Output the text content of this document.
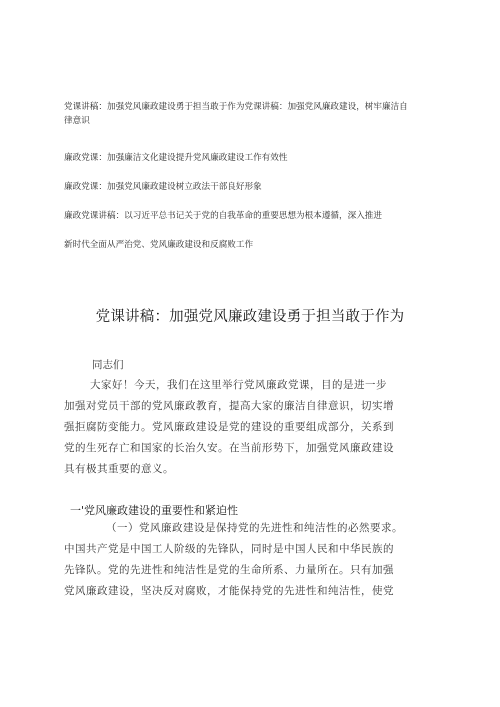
党课讲稿：加强党风廉政建设勇于担当敢于作为党课讲稿：加强党风廉政建设，树牢廉洁自
律意识

廉政党课：加强廉洁文化建设提升党风廉政建设工作有效性

廉政党课：加强党风廉政建设树立政法干部良好形象

廉政党课讲稿：以习近平总书记关于党的自我革命的重要思想为根本遵循，深入推进

新时代全面从严治党、党风廉政建设和反腐败工作

党课讲稿：加强党风廉政建设勇于担当敢于作为
同志们
大家好！今天，我们在这里举行党风廉政党课，目的是进一步
加强对党员干部的党风廉政教育，提高大家的廉洁自律意识，切实增
强拒腐防变能力。党风廉政建设是党的建设的重要组成部分，关系到
党的生死存亡和国家的长治久安。在当前形势下，加强党风廉政建设
具有极其重要的意义。
一'党风廉政建设的重要性和紧迫性
（一）党风廉政建设是保持党的先进性和纯洁性的必然要求。
中国共产党是中国工人阶级的先锋队，同时是中国人民和中华民族的
先锋队。党的先进性和纯洁性是党的生命所系、力量所在。只有加强
党风廉政建设，坚决反对腐败，才能保持党的先进性和纯洁性，使党
